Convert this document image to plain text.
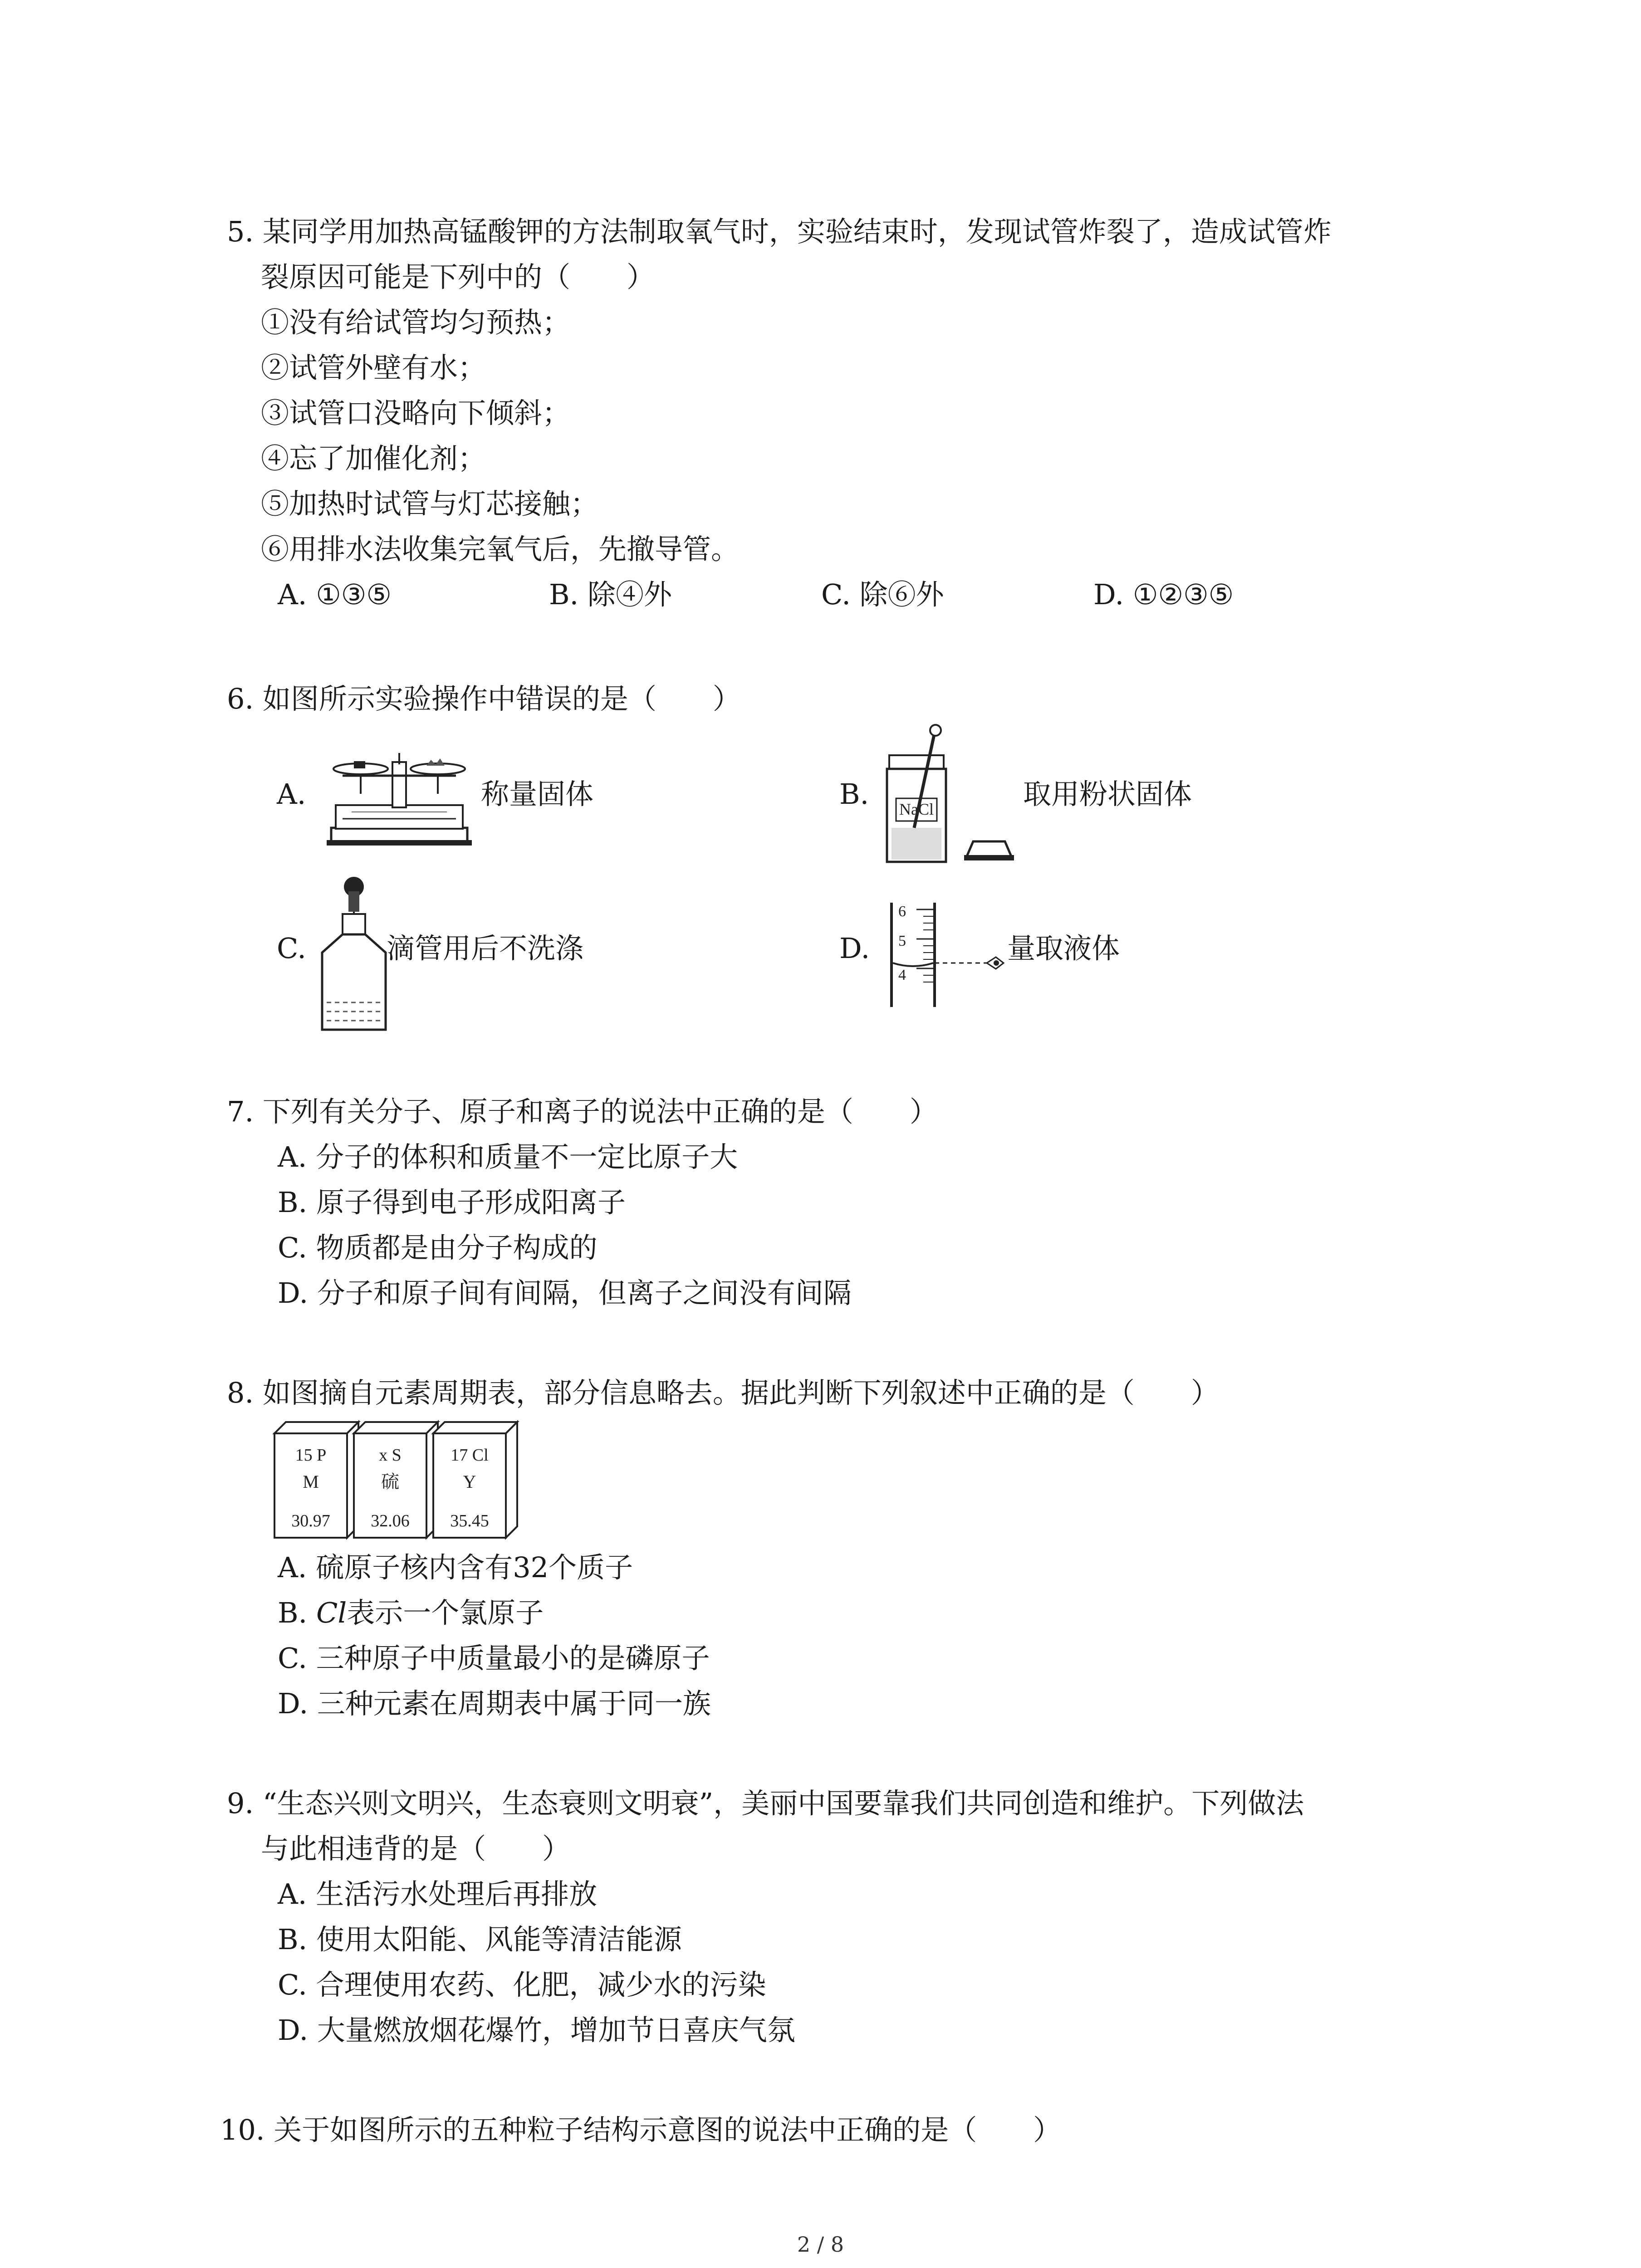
5. 某同学用加热高锰酸钾的方法制取氧气时，实验结束时，发现试管炸裂了，造成试管炸
裂原因可能是下列中的（　　）
①没有给试管均匀预热；
②试管外壁有水；
③试管口没略向下倾斜；
④忘了加催化剂；
⑤加热时试管与灯芯接触；
⑥用排水法收集完氧气后，先撤导管。
A. ①③⑤	B. 除④外	C. 除⑥外	D. ①②③⑤
6. 如图所示实验操作中错误的是（　　）
A.	称量固体	B. NaCl	取用粉状固体
C.	滴管用后不洗涤	D.
6
5
4
量取液体
7. 下列有关分子、原子和离子的说法中正确的是（　　）
A. 分子的体积和质量不一定比原子大
B. 原子得到电子形成阳离子
C. 物质都是由分子构成的
D. 分子和原子间有间隔，但离子之间没有间隔
8. 如图摘自元素周期表，部分信息略去。据此判断下列叙述中正确的是（　　）
15 P
M
30.97
x S
硫
32.06
17 Cl
Y
35.45
A. 硫原子核内含有32个质子
B. Cl表示一个氯原子
C. 三种原子中质量最小的是磷原子
D. 三种元素在周期表中属于同一族
9. “生态兴则文明兴，生态衰则文明衰”，美丽中国要靠我们共同创造和维护。下列做法
与此相违背的是（　　）
A. 生活污水处理后再排放
B. 使用太阳能、风能等清洁能源
C. 合理使用农药、化肥，减少水的污染
D. 大量燃放烟花爆竹，增加节日喜庆气氛
10. 关于如图所示的五种粒子结构示意图的说法中正确的是（　　）
2 / 8
